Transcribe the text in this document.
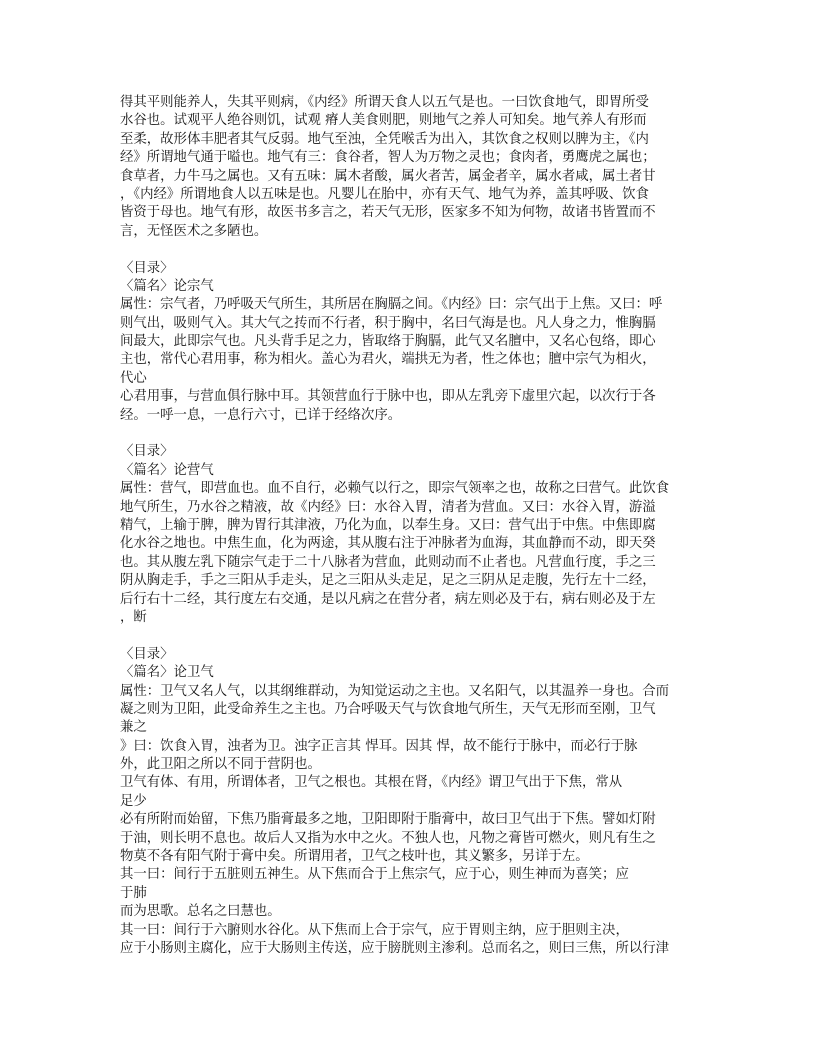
得其平则能养人，失其平则病，《内经》所谓天食人以五气是也。一曰饮食地气，即胃所受
水谷也。试观平人绝谷则饥，试观 瘠人美食则肥，则地气之养人可知矣。地气养人有形而
至柔，故形体丰肥者其气反弱。地气至浊，全凭喉舌为出入，其饮食之权则以脾为主，《内
经》所谓地气通于嗌也。地气有三：食谷者，智人为万物之灵也；食肉者，勇鹰虎之属也；
食草者，力牛马之属也。又有五味：属木者酸，属火者苦，属金者辛，属水者咸，属土者甘
，《内经》所谓地食人以五味是也。凡婴儿在胎中，亦有天气、地气为养，盖其呼吸、饮食
皆资于母也。地气有形，故医书多言之，若天气无形，医家多不知为何物，故诸书皆置而不
言，无怪医术之多陋也。
〈目录〉
〈篇名〉论宗气
属性：宗气者，乃呼吸天气所生，其所居在胸膈之间。《内经》曰：宗气出于上焦。又曰：呼
则气出，吸则气入。其大气之抟而不行者，积于胸中，名曰气海是也。凡人身之力，惟胸膈
间最大，此即宗气也。凡头背手足之力，皆取络于胸膈，此气又名膻中，又名心包络，即心
主也，常代心君用事，称为相火。盖心为君火，端拱无为者，性之体也；膻中宗气为相火，
代心
心君用事，与营血俱行脉中耳。其领营血行于脉中也，即从左乳旁下虚里穴起，以次行于各
经。一呼一息，一息行六寸，已详于经络次序。
〈目录〉
〈篇名〉论营气
属性：营气，即营血也。血不自行，必赖气以行之，即宗气领率之也，故称之曰营气。此饮食
地气所生，乃水谷之精液，故《内经》曰：水谷入胃，清者为营血。又曰：水谷入胃，游溢
精气，上输于脾，脾为胃行其津液，乃化为血，以奉生身。又曰：营气出于中焦。中焦即腐
化水谷之地也。中焦生血，化为两途，其从腹右注于冲脉者为血海，其血静而不动，即天癸
也。其从腹左乳下随宗气走于二十八脉者为营血，此则动而不止者也。凡营血行度，手之三
阴从胸走手，手之三阳从手走头，足之三阳从头走足，足之三阴从足走腹，先行左十二经，
后行右十二经，其行度左右交通，是以凡病之在营分者，病左则必及于右，病右则必及于左
，断
〈目录〉
〈篇名〉论卫气
属性：卫气又名人气，以其纲维群动，为知觉运动之主也。又名阳气，以其温养一身也。合而
凝之则为卫阳，此受命养生之主也。乃合呼吸天气与饮食地气所生，天气无形而至刚，卫气
兼之
》曰：饮食入胃，浊者为卫。浊字正言其 悍耳。因其 悍，故不能行于脉中，而必行于脉
外，此卫阳之所以不同于营阴也。
卫气有体、有用，所谓体者，卫气之根也。其根在肾，《内经》谓卫气出于下焦，常从
足少
必有所附而始留，下焦乃脂膏最多之地，卫阳即附于脂膏中，故曰卫气出于下焦。譬如灯附
于油，则长明不息也。故后人又指为水中之火。不独人也，凡物之膏皆可燃火，则凡有生之
物莫不各有阳气附于膏中矣。所谓用者，卫气之枝叶也，其义繁多，另详于左。
其一曰：间行于五脏则五神生。从下焦而合于上焦宗气，应于心，则生神而为喜笑；应
于肺
而为思歌。总名之曰慧也。
其一曰：间行于六腑则水谷化。从下焦而上合于宗气，应于胃则主纳，应于胆则主决，
应于小肠则主腐化，应于大肠则主传送，应于膀胱则主渗利。总而名之，则曰三焦，所以行津
